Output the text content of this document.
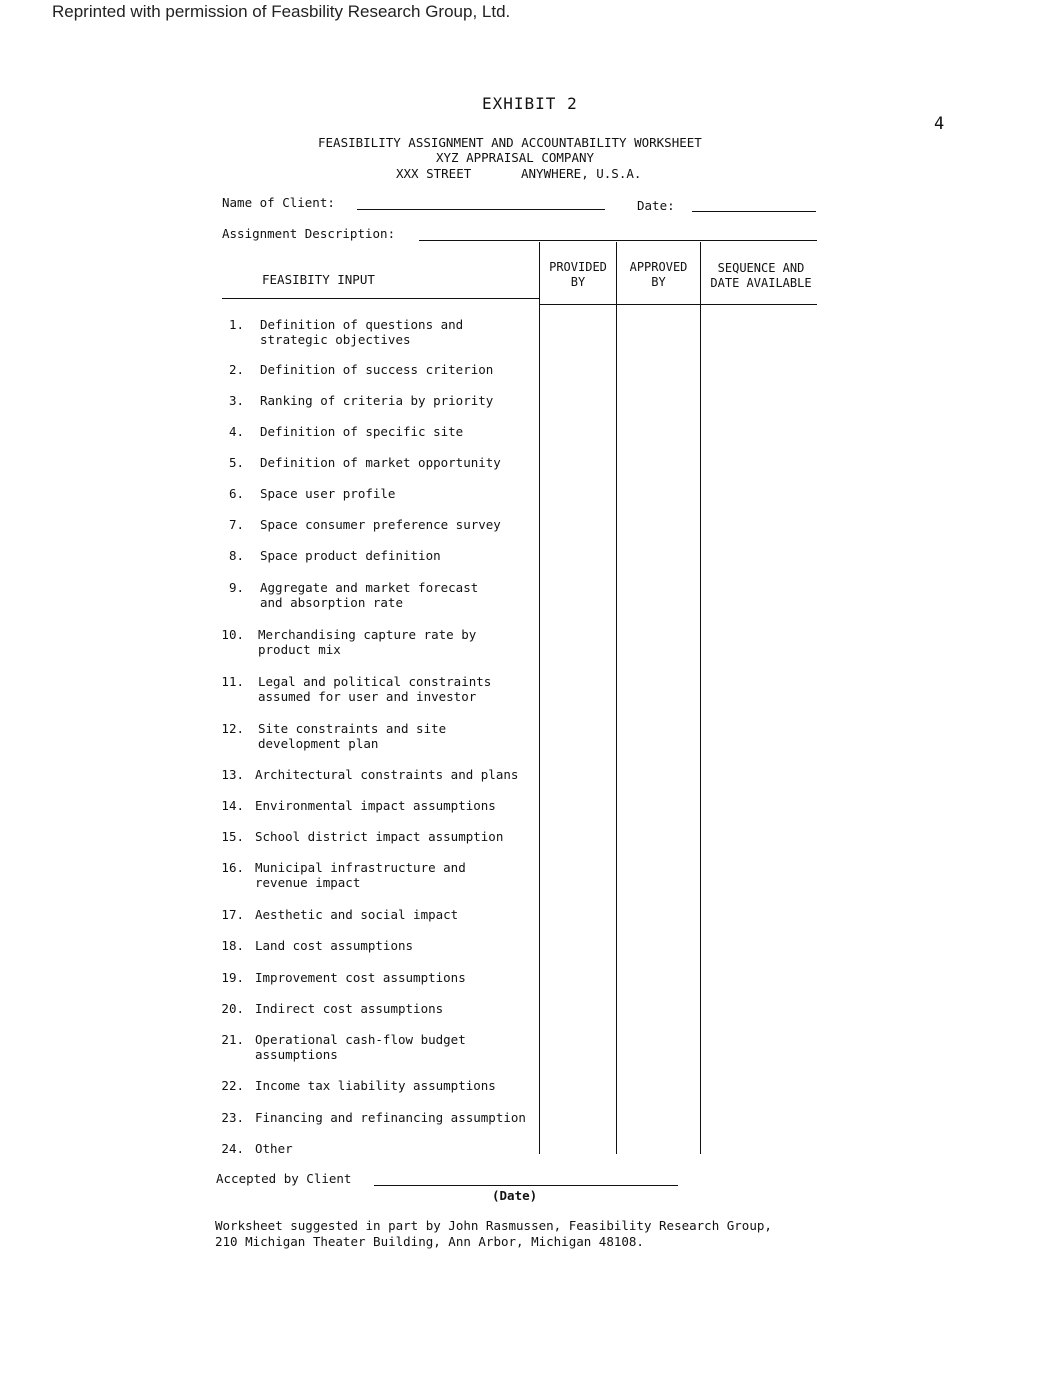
Reprinted with permission of Feasbility Research Group, Ltd.
4
EXHIBIT 2
FEASIBILITY ASSIGNMENT AND ACCOUNTABILITY WORKSHEET
XYZ APPRAISAL COMPANY
XXX STREET	ANYWHERE, U.S.A.
Name of Client:	Date:
Assignment Description:
FEASIBITY INPUT
PROVIDED
BY
APPROVED
BY
SEQUENCE AND
DATE AVAILABLE
1. Definition of questions and
strategic objectives
2. Definition of success criterion
3. Ranking of criteria by priority
4. Definition of specific site
5. Definition of market opportunity
6. Space user profile
7. Space consumer preference survey
8. Space product definition
9. Aggregate and market forecast
and absorption rate
10. Merchandising capture rate by
product mix
11. Legal and political constraints
assumed for user and investor
12. Site constraints and site
development plan
13. Architectural constraints and plans
14. Environmental impact assumptions
15. School district impact assumption
16. Municipal infrastructure and
revenue impact
17. Aesthetic and social impact
18. Land cost assumptions
19. Improvement cost assumptions
20. Indirect cost assumptions
21. Operational cash-flow budget
assumptions
22. Income tax liability assumptions
23. Financing and refinancing assumption
24. Other
Accepted by Client
(Date)
Worksheet suggested in part by John Rasmussen, Feasibility Research Group,
210 Michigan Theater Building, Ann Arbor, Michigan 48108.
